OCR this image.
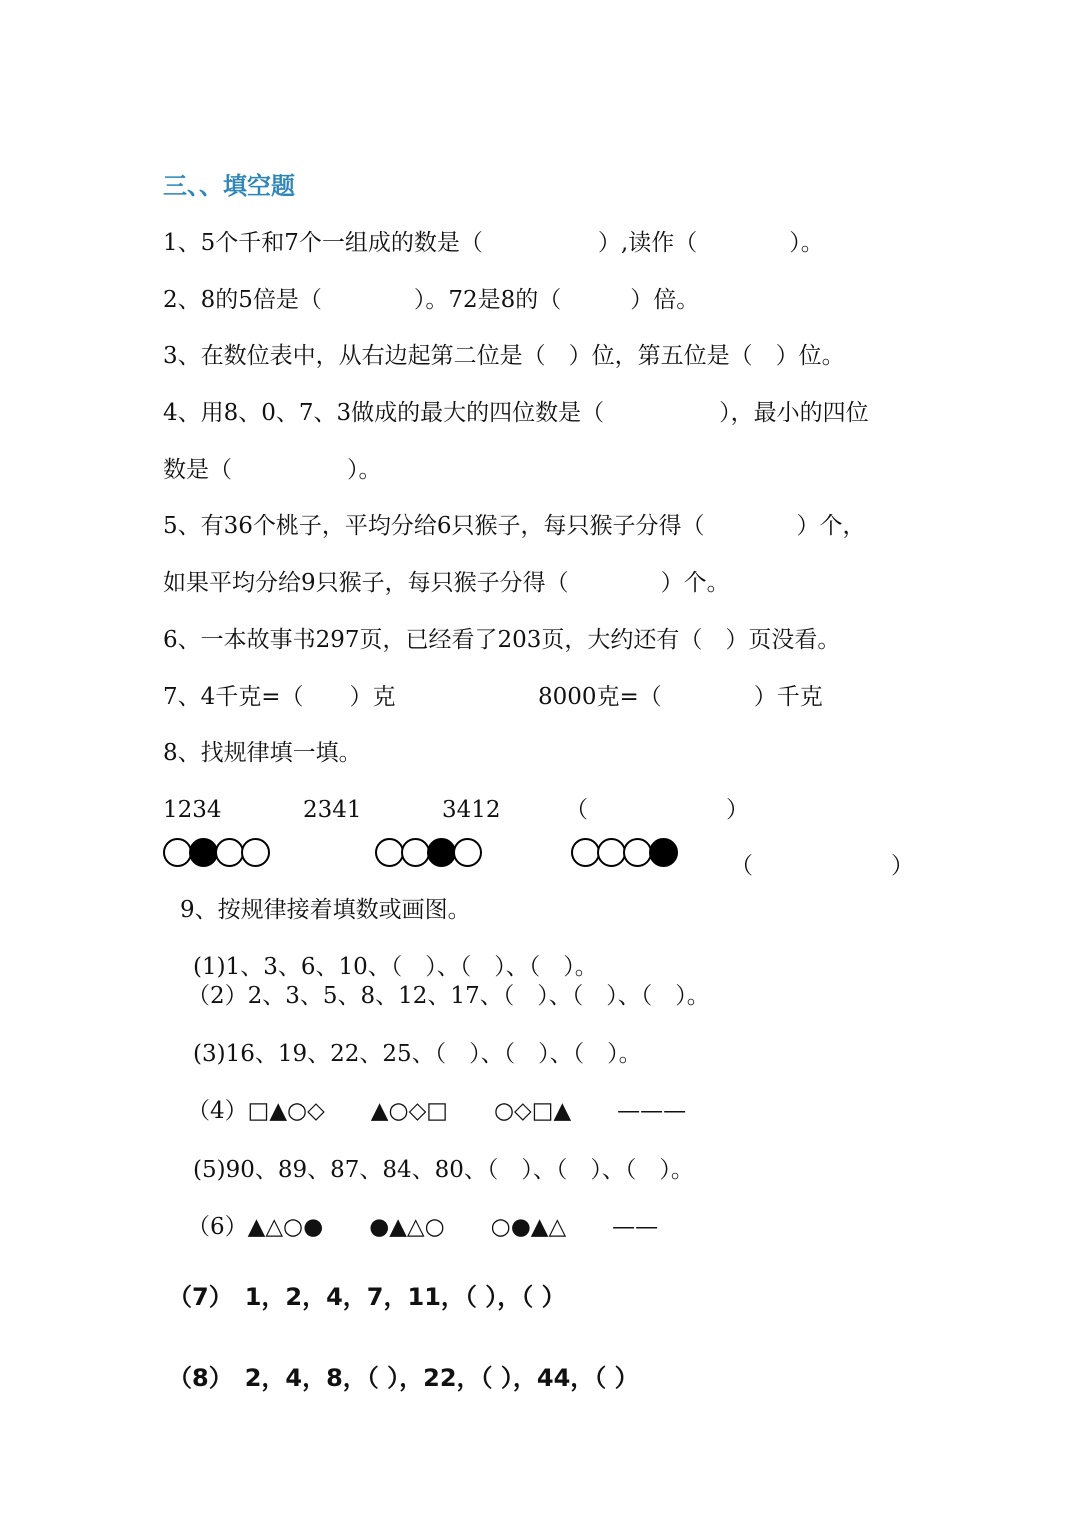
三、、填空题
1、5个千和7个一组成的数是（　　　　　）,读作（　　　　）。
2、8的5倍是（　　　　）。72是8的（　　　）倍。
3、在数位表中，从右边起第二位是（　）位，第五位是（　）位。
4、用8、0、7、3做成的最大的四位数是（　　　　　），最小的四位
数是（　　　　　）。
5、有36个桃子，平均分给6只猴子，每只猴子分得（　　　　）个，
如果平均分给9只猴子，每只猴子分得（　　　　）个。
6、一本故事书297页，已经看了203页，大约还有（　）页没看。
7、4千克=（　　）克	8000克=（　　　　）千克
8、找规律填一填。
1234	2341	3412	（　　　　　　）
（　　　　　　）
9、按规律接着填数或画图。
(1)1、3、6、10、（　）、（　）、（　）。
（2）2、3、5、8、12、17、（　）、（　）、（　）。
(3)16、19、22、25、（　）、（　）、（　）。
（4）□▲○◇　　▲○◇□　　○◇□▲　　———
(5)90、89、87、84、80、（　）、（　）、（　）。
（6）▲△○●　　●▲△○　　○●▲△　　——
（7）　1，2，4，7，11，（ ），（ ）
（8）　2，4，8，（ ），22，（ ），44，（ ）
